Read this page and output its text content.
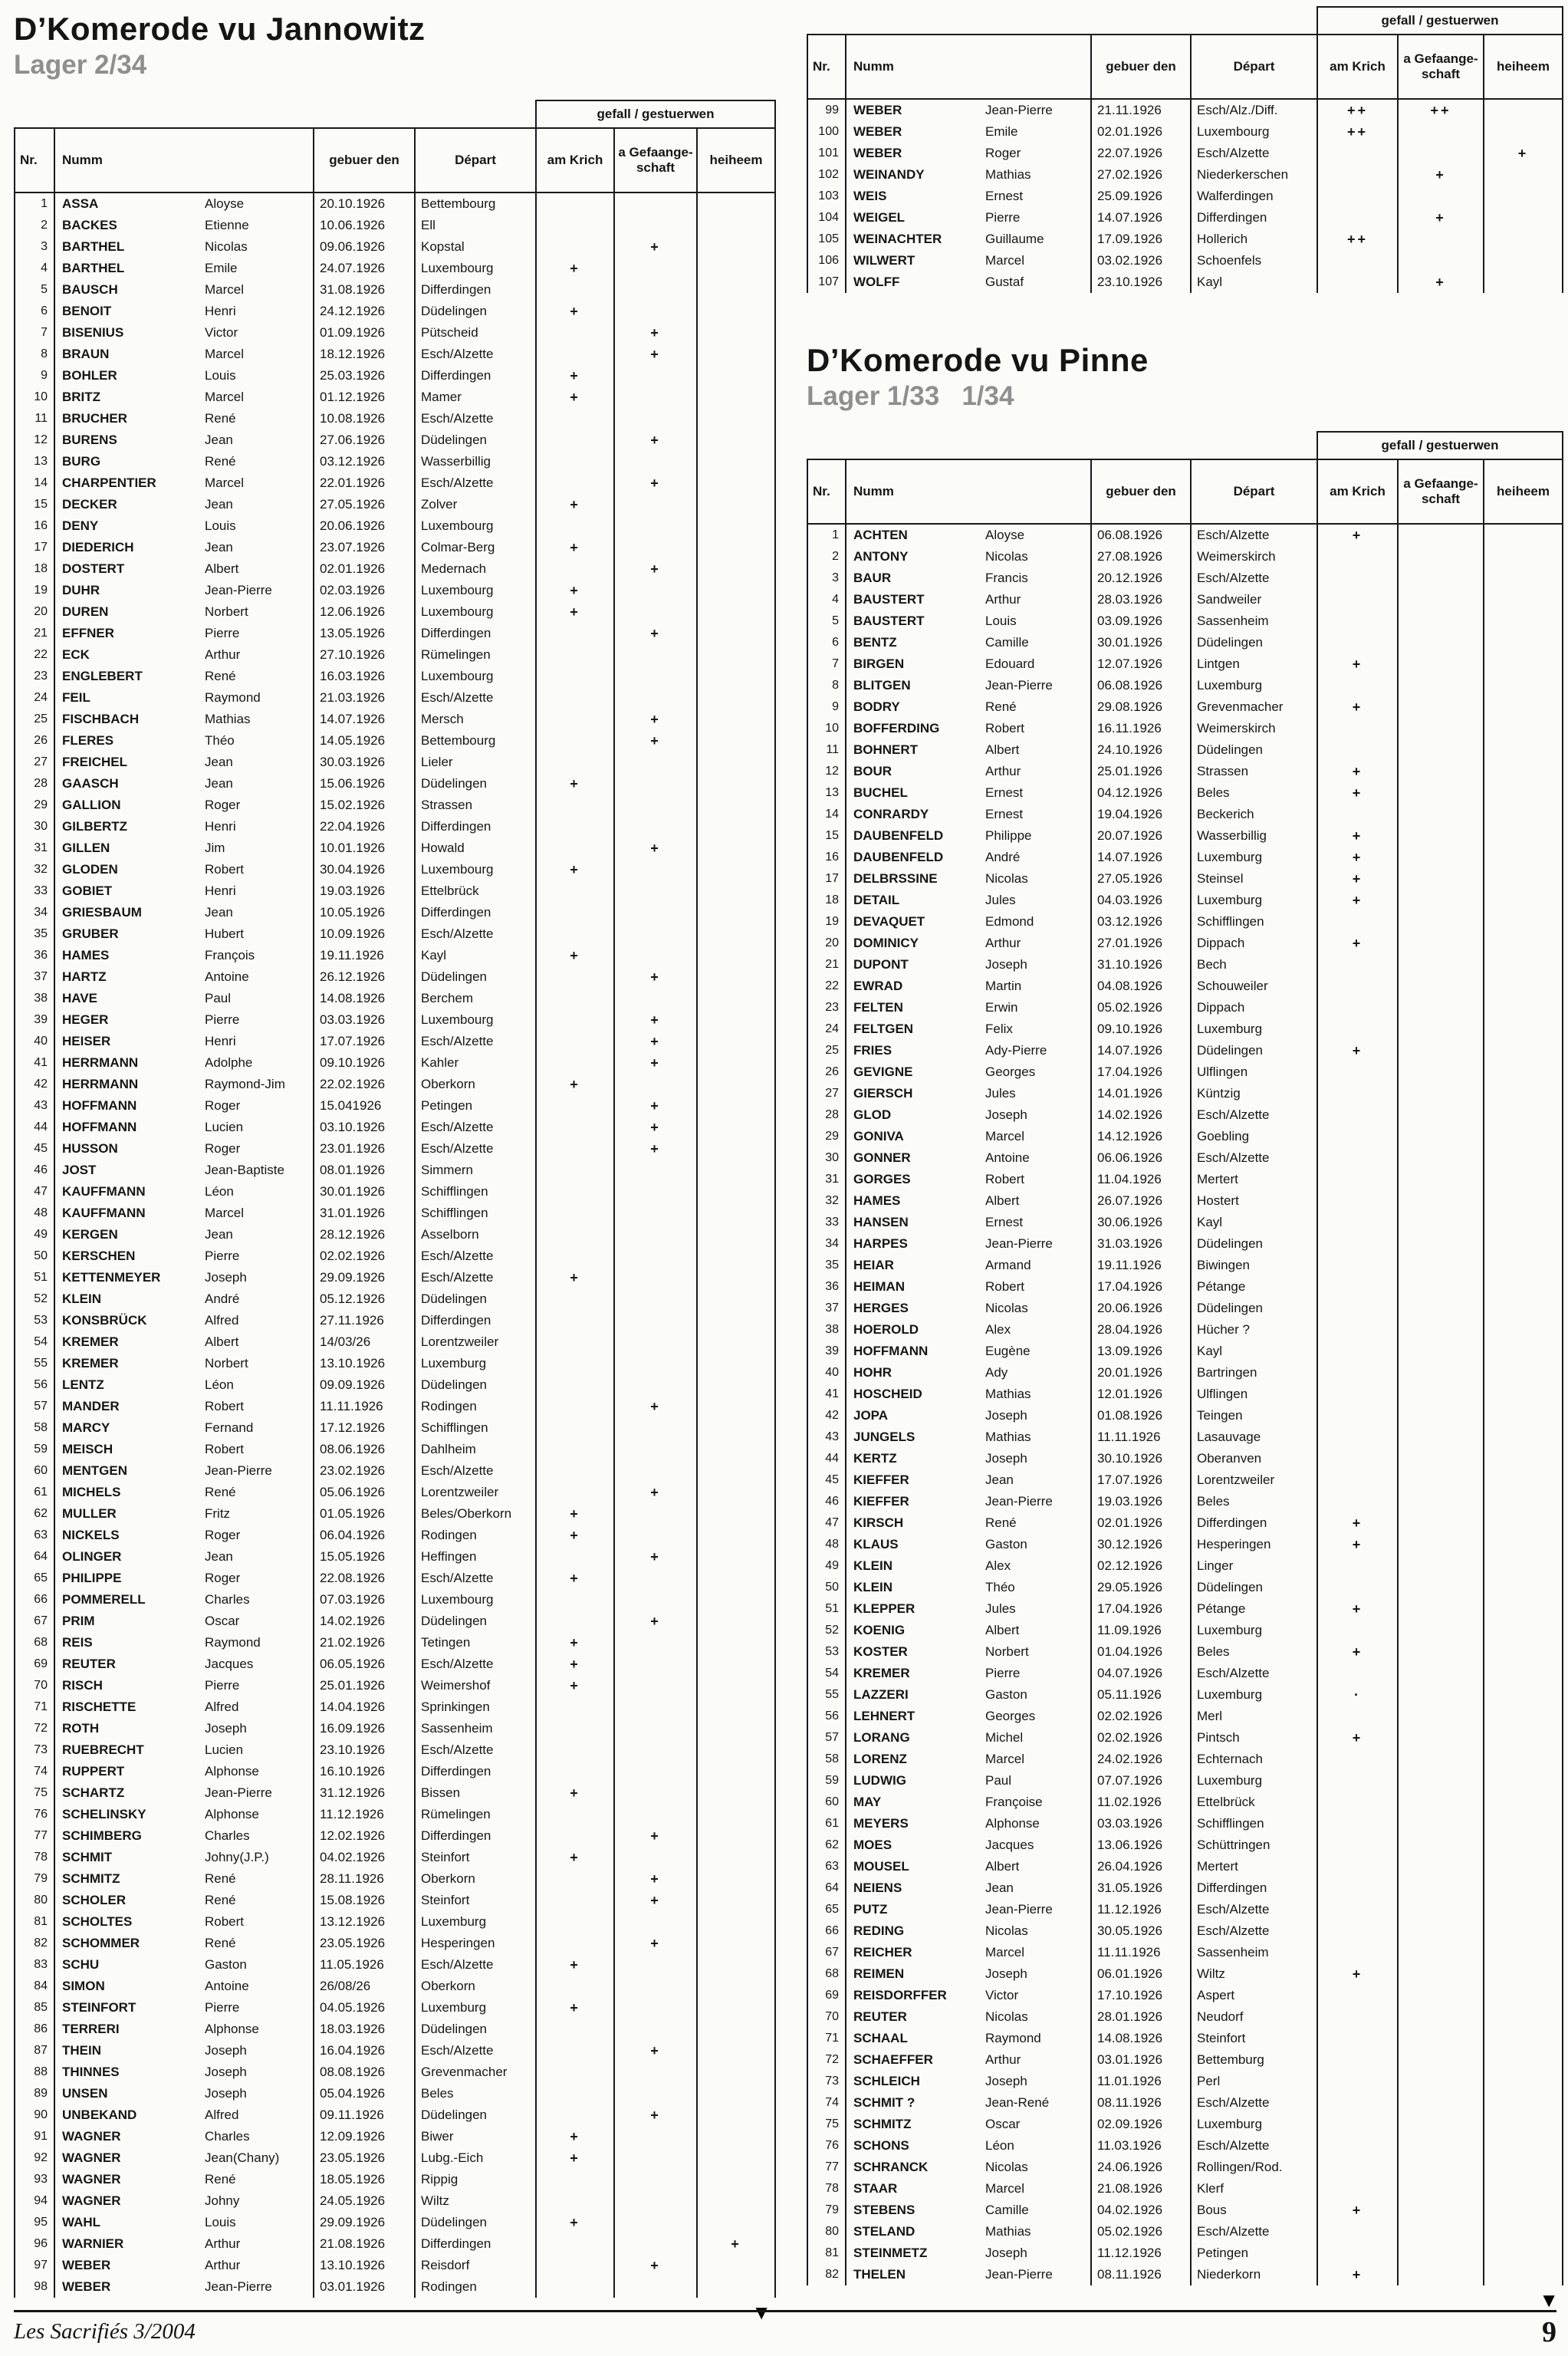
D’Komerode vu Jannowitz
Lager 2/34
				gefall / gestuerwen		
Nr.	Numm	gebuer den	Départ	am Krich	a Gefaange-schaft	heiheem
1	ASSA Aloyse	20.10.1926	Bettembourg			
2	BACKES Etienne	10.06.1926	Ell			
3	BARTHEL Nicolas	09.06.1926	Kopstal		+	
4	BARTHEL Emile	24.07.1926	Luxembourg	+		
5	BAUSCH Marcel	31.08.1926	Differdingen			
6	BENOIT Henri	24.12.1926	Düdelingen	+		
7	BISENIUS Victor	01.09.1926	Pütscheid		+	
8	BRAUN Marcel	18.12.1926	Esch/Alzette		+	
9	BOHLER Louis	25.03.1926	Differdingen	+		
10	BRITZ Marcel	01.12.1926	Mamer	+		
11	BRUCHER René	10.08.1926	Esch/Alzette			
12	BURENS Jean	27.06.1926	Düdelingen		+	
13	BURG René	03.12.1926	Wasserbillig			
14	CHARPENTIER Marcel	22.01.1926	Esch/Alzette		+	
15	DECKER Jean	27.05.1926	Zolver	+		
16	DENY Louis	20.06.1926	Luxembourg			
17	DIEDERICH Jean	23.07.1926	Colmar-Berg	+		
18	DOSTERT Albert	02.01.1926	Medernach		+	
19	DUHR Jean-Pierre	02.03.1926	Luxembourg	+		
20	DUREN Norbert	12.06.1926	Luxembourg	+		
21	EFFNER Pierre	13.05.1926	Differdingen		+	
22	ECK Arthur	27.10.1926	Rümelingen			
23	ENGLEBERT René	16.03.1926	Luxembourg			
24	FEIL Raymond	21.03.1926	Esch/Alzette			
25	FISCHBACH Mathias	14.07.1926	Mersch		+	
26	FLERES Théo	14.05.1926	Bettembourg		+	
27	FREICHEL Jean	30.03.1926	Lieler			
28	GAASCH Jean	15.06.1926	Düdelingen	+		
29	GALLION Roger	15.02.1926	Strassen			
30	GILBERTZ Henri	22.04.1926	Differdingen			
31	GILLEN Jim	10.01.1926	Howald		+	
32	GLODEN Robert	30.04.1926	Luxembourg	+		
33	GOBIET Henri	19.03.1926	Ettelbrück			
34	GRIESBAUM Jean	10.05.1926	Differdingen			
35	GRUBER Hubert	10.09.1926	Esch/Alzette			
36	HAMES François	19.11.1926	Kayl	+		
37	HARTZ Antoine	26.12.1926	Düdelingen		+	
38	HAVE Paul	14.08.1926	Berchem			
39	HEGER Pierre	03.03.1926	Luxembourg		+	
40	HEISER Henri	17.07.1926	Esch/Alzette		+	
41	HERRMANN Adolphe	09.10.1926	Kahler		+	
42	HERRMANN Raymond-Jim	22.02.1926	Oberkorn	+		
43	HOFFMANN Roger	15.041926	Petingen		+	
44	HOFFMANN Lucien	03.10.1926	Esch/Alzette		+	
45	HUSSON Roger	23.01.1926	Esch/Alzette		+	
46	JOST Jean-Baptiste	08.01.1926	Simmern			
47	KAUFFMANN Léon	30.01.1926	Schifflingen			
48	KAUFFMANN Marcel	31.01.1926	Schifflingen			
49	KERGEN Jean	28.12.1926	Asselborn			
50	KERSCHEN Pierre	02.02.1926	Esch/Alzette			
51	KETTENMEYER Joseph	29.09.1926	Esch/Alzette	+		
52	KLEIN André	05.12.1926	Düdelingen			
53	KONSBRÜCK Alfred	27.11.1926	Differdingen			
54	KREMER Albert	14/03/26	Lorentzweiler			
55	KREMER Norbert	13.10.1926	Luxemburg			
56	LENTZ Léon	09.09.1926	Düdelingen			
57	MANDER Robert	11.11.1926	Rodingen		+	
58	MARCY Fernand	17.12.1926	Schifflingen			
59	MEISCH Robert	08.06.1926	Dahlheim			
60	MENTGEN Jean-Pierre	23.02.1926	Esch/Alzette			
61	MICHELS René	05.06.1926	Lorentzweiler		+	
62	MULLER Fritz	01.05.1926	Beles/Oberkorn	+		
63	NICKELS Roger	06.04.1926	Rodingen	+		
64	OLINGER Jean	15.05.1926	Heffingen		+	
65	PHILIPPE Roger	22.08.1926	Esch/Alzette	+		
66	POMMERELL Charles	07.03.1926	Luxembourg			
67	PRIM Oscar	14.02.1926	Düdelingen		+	
68	REIS Raymond	21.02.1926	Tetingen	+		
69	REUTER Jacques	06.05.1926	Esch/Alzette	+		
70	RISCH Pierre	25.01.1926	Weimershof	+		
71	RISCHETTE Alfred	14.04.1926	Sprinkingen			
72	ROTH Joseph	16.09.1926	Sassenheim			
73	RUEBRECHT Lucien	23.10.1926	Esch/Alzette			
74	RUPPERT Alphonse	16.10.1926	Differdingen			
75	SCHARTZ Jean-Pierre	31.12.1926	Bissen	+		
76	SCHELINSKY Alphonse	11.12.1926	Rümelingen			
77	SCHIMBERG Charles	12.02.1926	Differdingen		+	
78	SCHMIT Johny(J.P.)	04.02.1926	Steinfort	+		
79	SCHMITZ René	28.11.1926	Oberkorn		+	
80	SCHOLER René	15.08.1926	Steinfort		+	
81	SCHOLTES Robert	13.12.1926	Luxemburg			
82	SCHOMMER René	23.05.1926	Hesperingen		+	
83	SCHU Gaston	11.05.1926	Esch/Alzette	+		
84	SIMON Antoine	26/08/26	Oberkorn			
85	STEINFORT Pierre	04.05.1926	Luxemburg	+		
86	TERRERI Alphonse	18.03.1926	Düdelingen			
87	THEIN Joseph	16.04.1926	Esch/Alzette		+	
88	THINNES Joseph	08.08.1926	Grevenmacher			
89	UNSEN Joseph	05.04.1926	Beles			
90	UNBEKAND Alfred	09.11.1926	Düdelingen		+	
91	WAGNER Charles	12.09.1926	Biwer	+		
92	WAGNER Jean(Chany)	23.05.1926	Lubg.-Eich	+		
93	WAGNER René	18.05.1926	Rippig			
94	WAGNER Johny	24.05.1926	Wiltz			
95	WAHL Louis	29.09.1926	Düdelingen	+		
96	WARNIER Arthur	21.08.1926	Differdingen			+
97	WEBER Arthur	13.10.1926	Reisdorf		+	
98	WEBER Jean-Pierre	03.01.1926	Rodingen			
▼
				gefall / gestuerwen		
Nr.	Numm	gebuer den	Départ	am Krich	a Gefaange-schaft	heiheem
99	WEBER Jean-Pierre	21.11.1926	Esch/Alz./Diff.	++	++	
100	WEBER Emile	02.01.1926	Luxembourg	++		
101	WEBER Roger	22.07.1926	Esch/Alzette			+
102	WEINANDY Mathias	27.02.1926	Niederkerschen		+	
103	WEIS Ernest	25.09.1926	Walferdingen			
104	WEIGEL Pierre	14.07.1926	Differdingen		+	
105	WEINACHTER Guillaume	17.09.1926	Hollerich	++		
106	WILWERT Marcel	03.02.1926	Schoenfels			
107	WOLFF Gustaf	23.10.1926	Kayl		+	
D’Komerode vu Pinne
Lager 1/33   1/34
				gefall / gestuerwen		
Nr.	Numm	gebuer den	Départ	am Krich	a Gefaange-schaft	heiheem
1	ACHTEN Aloyse	06.08.1926	Esch/Alzette	+		
2	ANTONY Nicolas	27.08.1926	Weimerskirch			
3	BAUR Francis	20.12.1926	Esch/Alzette			
4	BAUSTERT Arthur	28.03.1926	Sandweiler			
5	BAUSTERT Louis	03.09.1926	Sassenheim			
6	BENTZ Camille	30.01.1926	Düdelingen			
7	BIRGEN Edouard	12.07.1926	Lintgen	+		
8	BLITGEN Jean-Pierre	06.08.1926	Luxemburg			
9	BODRY René	29.08.1926	Grevenmacher	+		
10	BOFFERDING Robert	16.11.1926	Weimerskirch			
11	BOHNERT Albert	24.10.1926	Düdelingen			
12	BOUR Arthur	25.01.1926	Strassen	+		
13	BUCHEL Ernest	04.12.1926	Beles	+		
14	CONRARDY Ernest	19.04.1926	Beckerich			
15	DAUBENFELD Philippe	20.07.1926	Wasserbillig	+		
16	DAUBENFELD André	14.07.1926	Luxemburg	+		
17	DELBRSSINE Nicolas	27.05.1926	Steinsel	+		
18	DETAIL Jules	04.03.1926	Luxemburg	+		
19	DEVAQUET Edmond	03.12.1926	Schifflingen			
20	DOMINICY Arthur	27.01.1926	Dippach	+		
21	DUPONT Joseph	31.10.1926	Bech			
22	EWRAD Martin	04.08.1926	Schouweiler			
23	FELTEN Erwin	05.02.1926	Dippach			
24	FELTGEN Felix	09.10.1926	Luxemburg			
25	FRIES Ady-Pierre	14.07.1926	Düdelingen	+		
26	GEVIGNE Georges	17.04.1926	Ulflingen			
27	GIERSCH Jules	14.01.1926	Küntzig			
28	GLOD Joseph	14.02.1926	Esch/Alzette			
29	GONIVA Marcel	14.12.1926	Goebling			
30	GONNER Antoine	06.06.1926	Esch/Alzette			
31	GORGES Robert	11.04.1926	Mertert			
32	HAMES Albert	26.07.1926	Hostert			
33	HANSEN Ernest	30.06.1926	Kayl			
34	HARPES Jean-Pierre	31.03.1926	Düdelingen			
35	HEIAR Armand	19.11.1926	Biwingen			
36	HEIMAN Robert	17.04.1926	Pétange			
37	HERGES Nicolas	20.06.1926	Düdelingen			
38	HOEROLD Alex	28.04.1926	Hücher ?			
39	HOFFMANN Eugène	13.09.1926	Kayl			
40	HOHR Ady	20.01.1926	Bartringen			
41	HOSCHEID Mathias	12.01.1926	Ulflingen			
42	JOPA Joseph	01.08.1926	Teingen			
43	JUNGELS Mathias	11.11.1926	Lasauvage			
44	KERTZ Joseph	30.10.1926	Oberanven			
45	KIEFFER Jean	17.07.1926	Lorentzweiler			
46	KIEFFER Jean-Pierre	19.03.1926	Beles			
47	KIRSCH René	02.01.1926	Differdingen	+		
48	KLAUS Gaston	30.12.1926	Hesperingen	+		
49	KLEIN Alex	02.12.1926	Linger			
50	KLEIN Théo	29.05.1926	Düdelingen			
51	KLEPPER Jules	17.04.1926	Pétange	+		
52	KOENIG Albert	11.09.1926	Luxemburg			
53	KOSTER Norbert	01.04.1926	Beles	+		
54	KREMER Pierre	04.07.1926	Esch/Alzette			
55	LAZZERI Gaston	05.11.1926	Luxemburg	·		
56	LEHNERT Georges	02.02.1926	Merl			
57	LORANG Michel	02.02.1926	Pintsch	+		
58	LORENZ Marcel	24.02.1926	Echternach			
59	LUDWIG Paul	07.07.1926	Luxemburg			
60	MAY Françoise	11.02.1926	Ettelbrück			
61	MEYERS Alphonse	03.03.1926	Schifflingen			
62	MOES Jacques	13.06.1926	Schüttringen			
63	MOUSEL Albert	26.04.1926	Mertert			
64	NEIENS Jean	31.05.1926	Differdingen			
65	PUTZ Jean-Pierre	11.12.1926	Esch/Alzette			
66	REDING Nicolas	30.05.1926	Esch/Alzette			
67	REICHER Marcel	11.11.1926	Sassenheim			
68	REIMEN Joseph	06.01.1926	Wiltz	+		
69	REISDORFFER Victor	17.10.1926	Aspert			
70	REUTER Nicolas	28.01.1926	Neudorf			
71	SCHAAL Raymond	14.08.1926	Steinfort			
72	SCHAEFFER Arthur	03.01.1926	Bettemburg			
73	SCHLEICH Joseph	11.01.1926	Perl			
74	SCHMIT ? Jean-René	08.11.1926	Esch/Alzette			
75	SCHMITZ Oscar	02.09.1926	Luxemburg			
76	SCHONS Léon	11.03.1926	Esch/Alzette			
77	SCHRANCK Nicolas	24.06.1926	Rollingen/Rod.			
78	STAAR Marcel	21.08.1926	Klerf			
79	STEBENS Camille	04.02.1926	Bous	+		
80	STELAND Mathias	05.02.1926	Esch/Alzette			
81	STEINMETZ Joseph	11.12.1926	Petingen			
82	THELEN Jean-Pierre	08.11.1926	Niederkorn	+		
▼
Les Sacrifiés 3/2004	9
